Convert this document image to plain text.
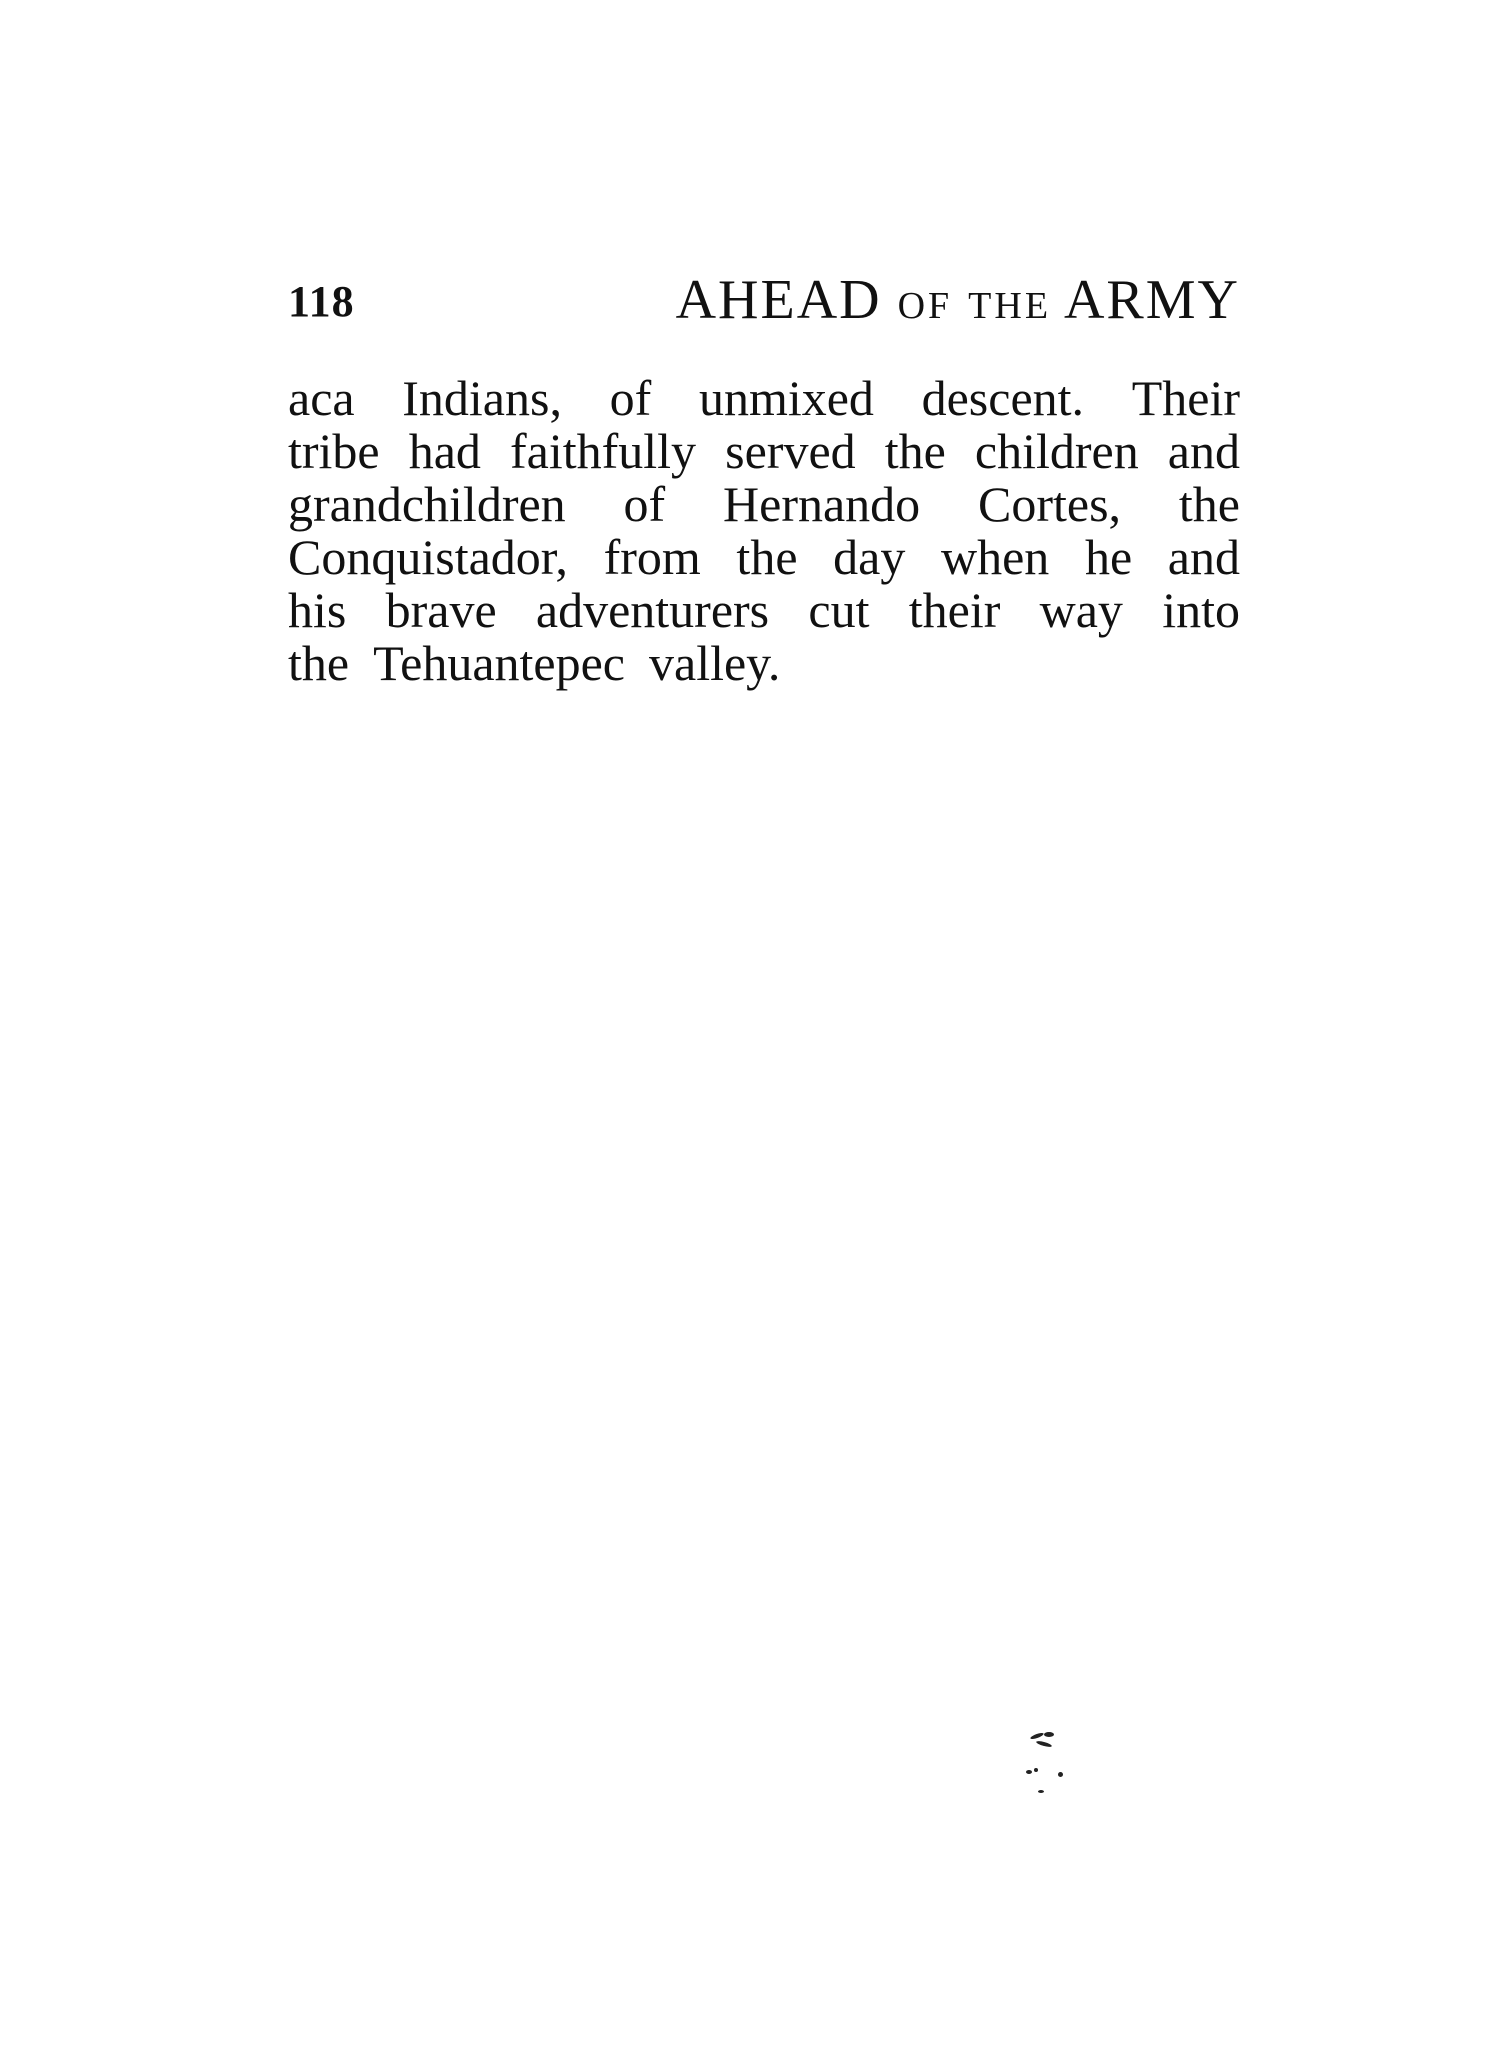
118	AHEAD OF THE ARMY
aca Indians, of unmixed descent. Their
tribe had faithfully served the children and
grandchildren of Hernando Cortes, the
Conquistador, from the day when he and
his brave adventurers cut their way into
the Tehuantepec valley.
